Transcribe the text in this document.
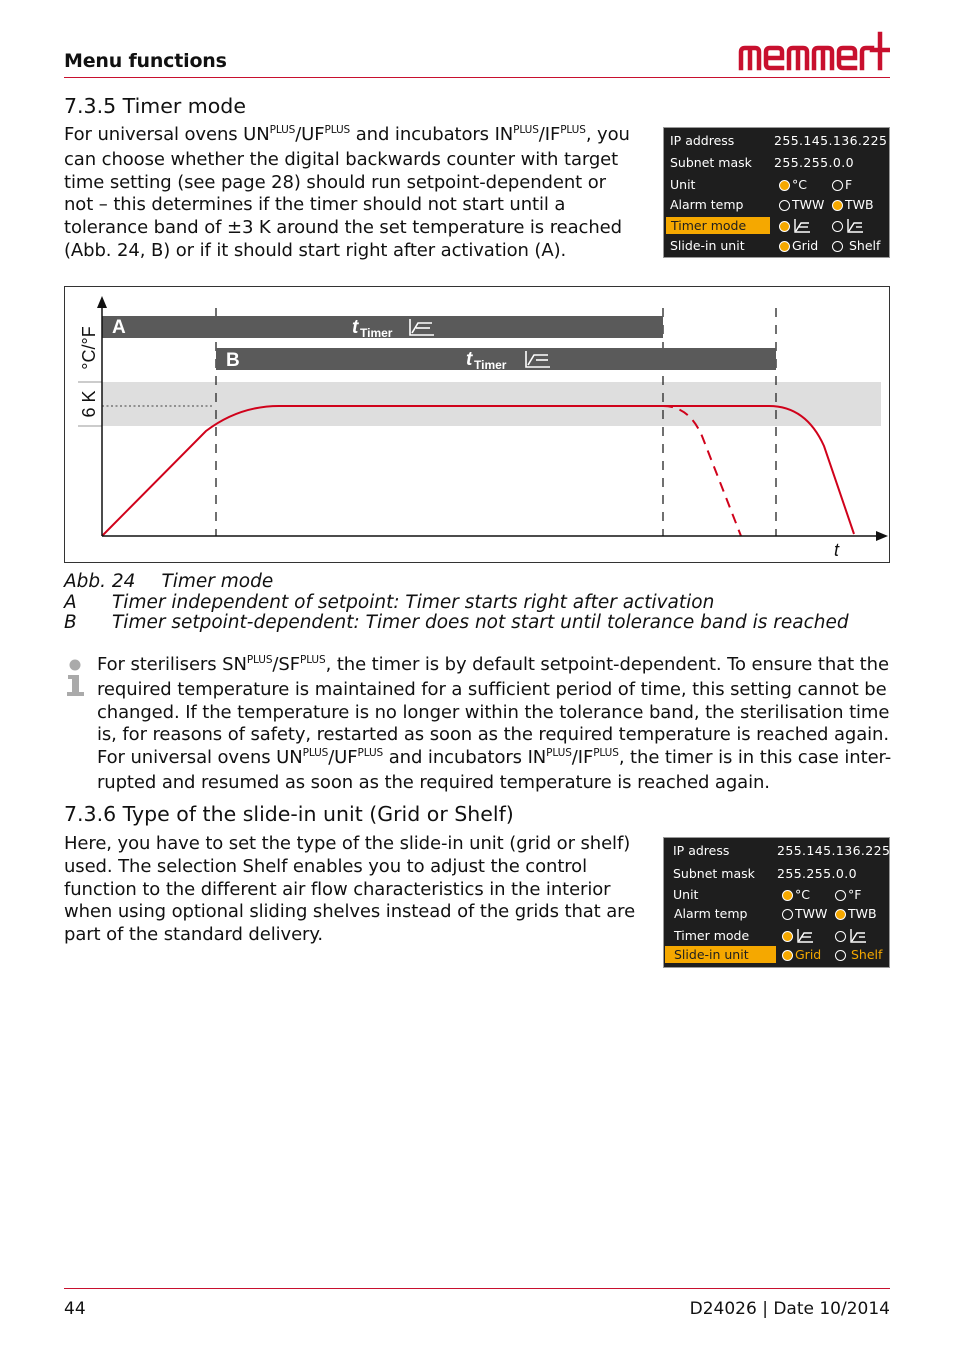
Menu functions
7.3.5 Timer mode
For universal ovens $UN^{PLUS}/UF^{PLUS}$ and incubators $IN^{PLUS}/IF^{PLUS}$, you
can choose whether the digital backwards counter with target
time setting (see page 28) should run setpoint-dependent or
not – this determines if the timer should not start until a
tolerance band of ±3 K around the set temperature is reached
(Abb. 24, B) or if it should start right after activation (A).
IP address	255.145.136.225
Subnet mask 255.255.0.0
Unit	°C	F
Alarm temp	TWW TWB
Timer mode
Slide-in unit	Grid Shelf
A
B
t Timer
t Timer
t
°C/°F
6 K
Abb. 24 Timer mode
A Timer independent of setpoint: Timer starts right after activation
B Timer setpoint-dependent: Timer does not start until tolerance band is reached
For sterilisers $SN^{PLUS}/SF^{PLUS}$, the timer is by default setpoint-dependent. To ensure that the
required temperature is maintained for a sufficient period of time, this setting cannot be
changed. If the temperature is no longer within the tolerance band, the sterilisation time
is, for reasons of safety, restarted as soon as the required temperature is reached again.
For universal ovens $UN^{PLUS}/UF^{PLUS}$ and incubators $IN^{PLUS}/IF^{PLUS}$, the timer is in this case inter-
rupted and resumed as soon as the required temperature is reached again.
7.3.6 Type of the slide-in unit (Grid or Shelf)
Here, you have to set the type of the slide-in unit (grid or shelf)
used. The selection Shelf enables you to adjust the control
function to the different air flow characteristics in the interior
when using optional sliding shelves instead of the grids that are
part of the standard delivery.
IP adress	255.145.136.225
Subnet mask 255.255.0.0
Unit	°C	°F
Alarm temp	TWW TWB
Timer mode
Slide-in unit	Grid Shelf
44	D24026 | Date 10/2014
